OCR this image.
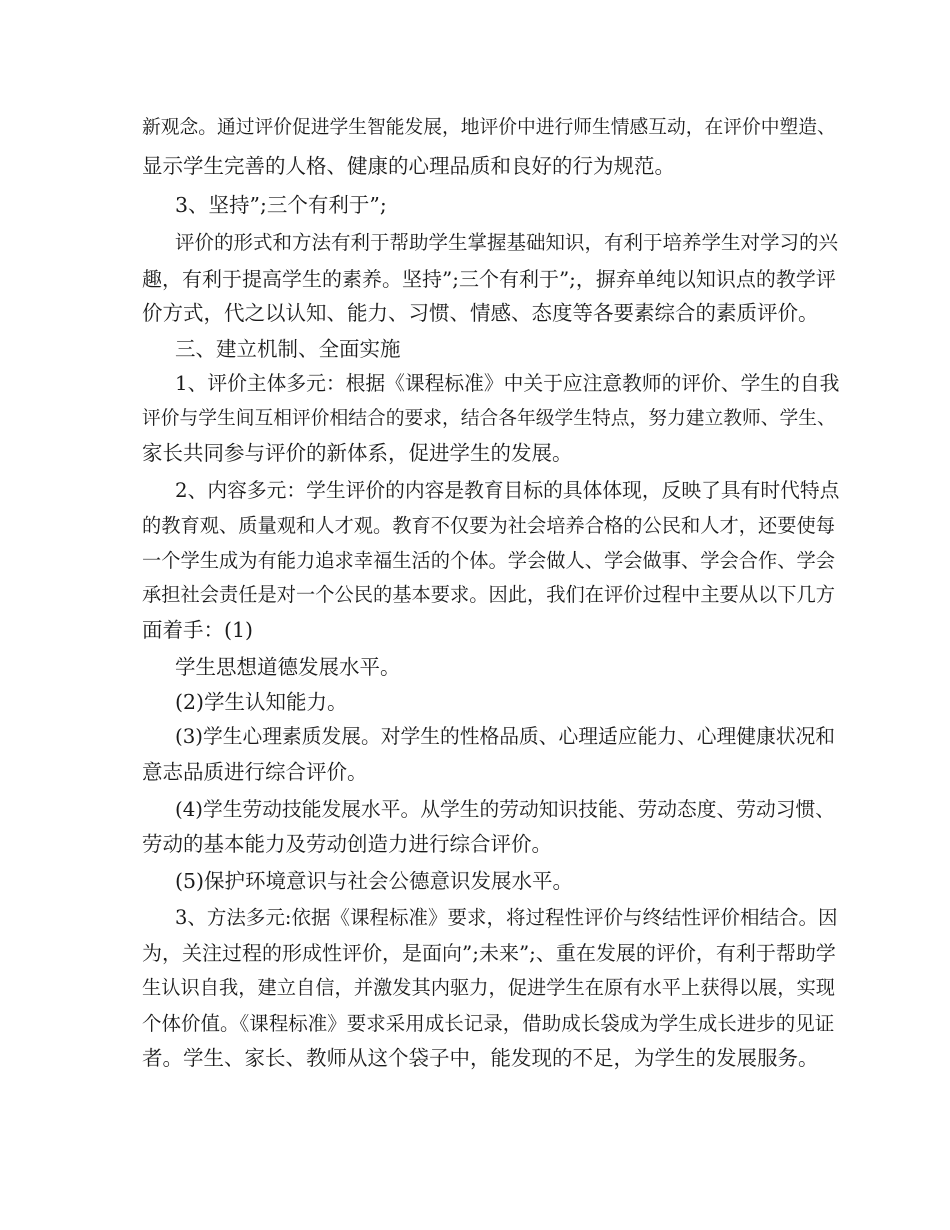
新观念。通过评价促进学生智能发展，地评价中进行师生情感互动，在评价中塑造、
显示学生完善的人格、健康的心理品质和良好的行为规范。
3、坚持”;三个有利于”;
评价的形式和方法有利于帮助学生掌握基础知识，有利于培养学生对学习的兴
趣，有利于提高学生的素养。坚持”;三个有利于”;，摒弃单纯以知识点的教学评
价方式，代之以认知、能力、习惯、情感、态度等各要素综合的素质评价。
三、建立机制、全面实施
1、评价主体多元：根据《课程标准》中关于应注意教师的评价、学生的自我
评价与学生间互相评价相结合的要求，结合各年级学生特点，努力建立教师、学生、
家长共同参与评价的新体系，促进学生的发展。
2、内容多元：学生评价的内容是教育目标的具体体现，反映了具有时代特点
的教育观、质量观和人才观。教育不仅要为社会培养合格的公民和人才，还要使每
一个学生成为有能力追求幸福生活的个体。学会做人、学会做事、学会合作、学会
承担社会责任是对一个公民的基本要求。因此，我们在评价过程中主要从以下几方
面着手：(1)
学生思想道德发展水平。
(2)学生认知能力。
(3)学生心理素质发展。对学生的性格品质、心理适应能力、心理健康状况和
意志品质进行综合评价。
(4)学生劳动技能发展水平。从学生的劳动知识技能、劳动态度、劳动习惯、
劳动的基本能力及劳动创造力进行综合评价。
(5)保护环境意识与社会公德意识发展水平。
3、方法多元:依据《课程标准》要求，将过程性评价与终结性评价相结合。因
为，关注过程的形成性评价，是面向”;未来”;、重在发展的评价，有利于帮助学
生认识自我，建立自信，并激发其内驱力，促进学生在原有水平上获得以展，实现
个体价值。《课程标准》要求采用成长记录，借助成长袋成为学生成长进步的见证
者。学生、家长、教师从这个袋子中，能发现的不足，为学生的发展服务。
